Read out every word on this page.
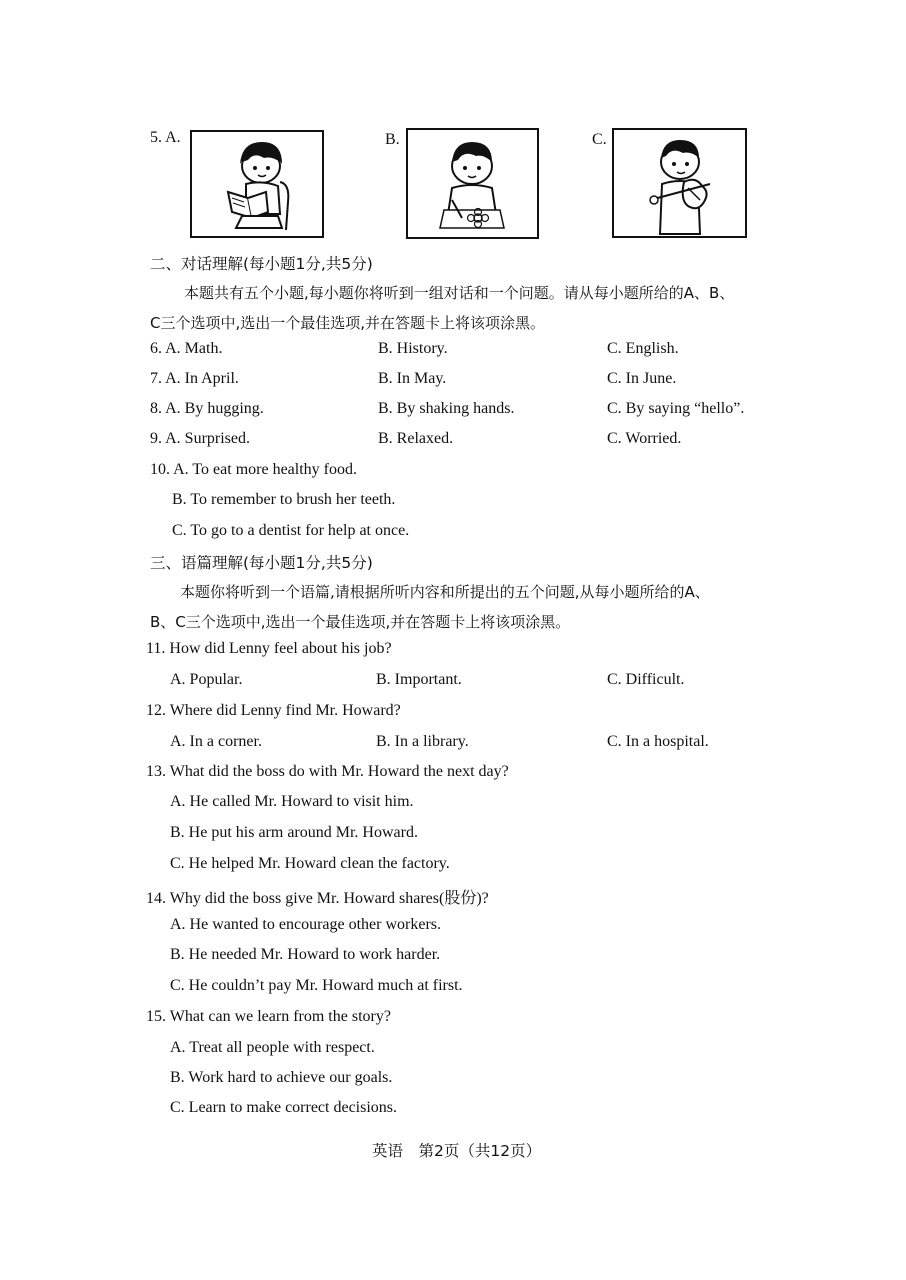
5. A.	B.	C.
二、对话理解(每小题1分,共5分)
本题共有五个小题,每小题你将听到一组对话和一个问题。请从每小题所给的A、B、
C三个选项中,选出一个最佳选项,并在答题卡上将该项涂黑。
6. A. Math.	B. History.	C. English.
7. A. In April.	B. In May.	C. In June.
8. A. By hugging.	B. By shaking hands.	C. By saying “hello”.
9. A. Surprised.	B. Relaxed.	C. Worried.
10. A. To eat more healthy food.
B. To remember to brush her teeth.
C. To go to a dentist for help at once.
三、语篇理解(每小题1分,共5分)
本题你将听到一个语篇,请根据所听内容和所提出的五个问题,从每小题所给的A、
B、C三个选项中,选出一个最佳选项,并在答题卡上将该项涂黑。
11. How did Lenny feel about his job?
A. Popular.	B. Important.	C. Difficult.
12. Where did Lenny find Mr. Howard?
A. In a corner.	B. In a library.	C. In a hospital.
13. What did the boss do with Mr. Howard the next day?
A. He called Mr. Howard to visit him.
B. He put his arm around Mr. Howard.
C. He helped Mr. Howard clean the factory.
14. Why did the boss give Mr. Howard shares(股份)?
A. He wanted to encourage other workers.
B. He needed Mr. Howard to work harder.
C. He couldn’t pay Mr. Howard much at first.
15. What can we learn from the story?
A. Treat all people with respect.
B. Work hard to achieve our goals.
C. Learn to make correct decisions.
英语　第2页（共12页）
